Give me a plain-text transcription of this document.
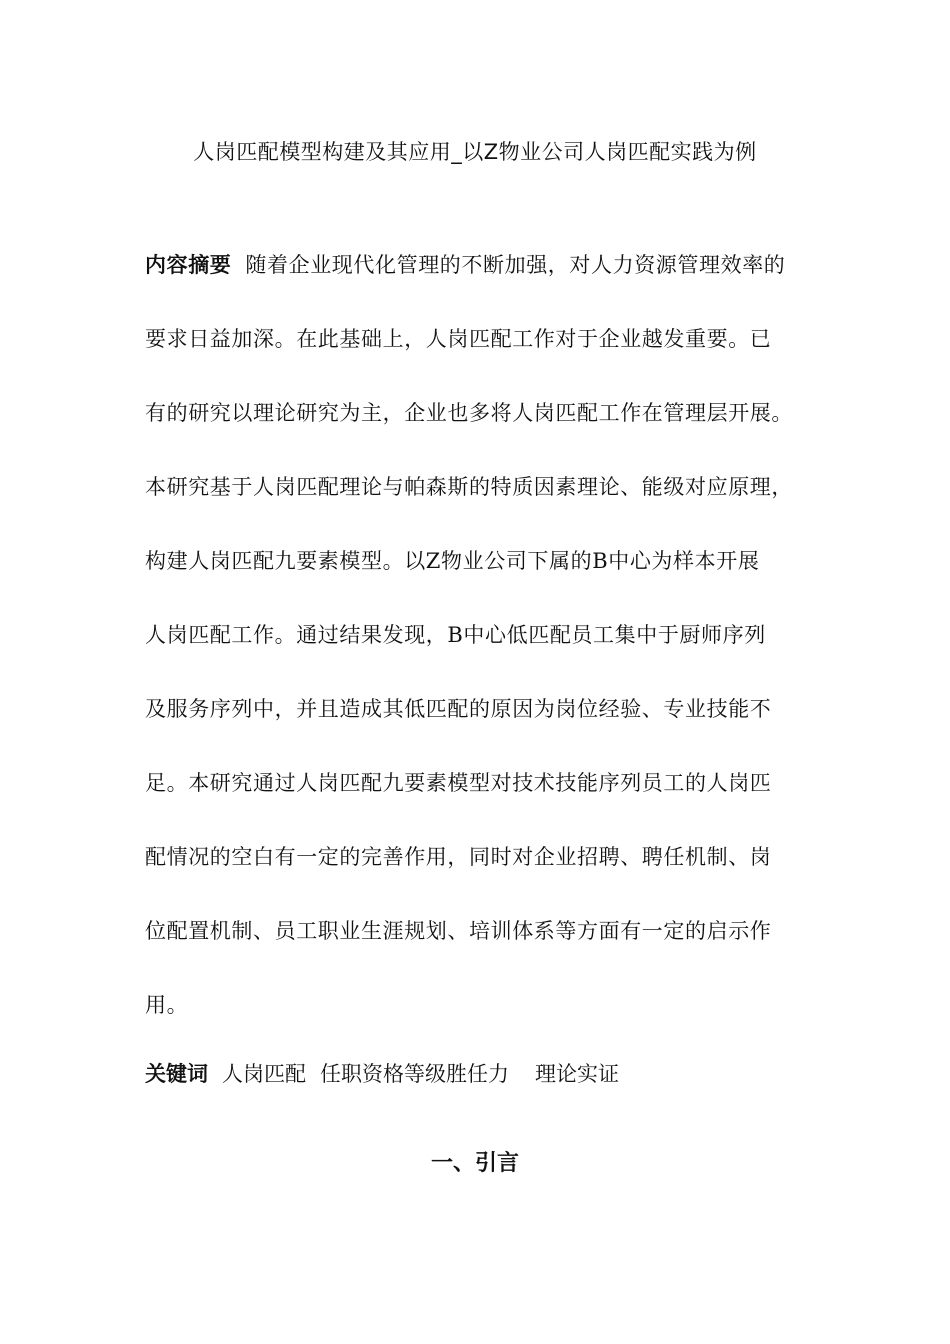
人岗匹配模型构建及其应用_以Z物业公司人岗匹配实践为例
内容摘要 随着企业现代化管理的不断加强，对人力资源管理效率的
要求日益加深。在此基础上，人岗匹配工作对于企业越发重要。已
有的研究以理论研究为主，企业也多将人岗匹配工作在管理层开展。
本研究基于人岗匹配理论与帕森斯的特质因素理论、能级对应原理，
构建人岗匹配九要素模型。以Z物业公司下属的B中心为样本开展
人岗匹配工作。通过结果发现，B中心低匹配员工集中于厨师序列
及服务序列中，并且造成其低匹配的原因为岗位经验、专业技能不
足。本研究通过人岗匹配九要素模型对技术技能序列员工的人岗匹
配情况的空白有一定的完善作用，同时对企业招聘、聘任机制、岗
位配置机制、员工职业生涯规划、培训体系等方面有一定的启示作
用。
关键词 人岗匹配 任职资格等级胜任力 理论实证
一、引言
